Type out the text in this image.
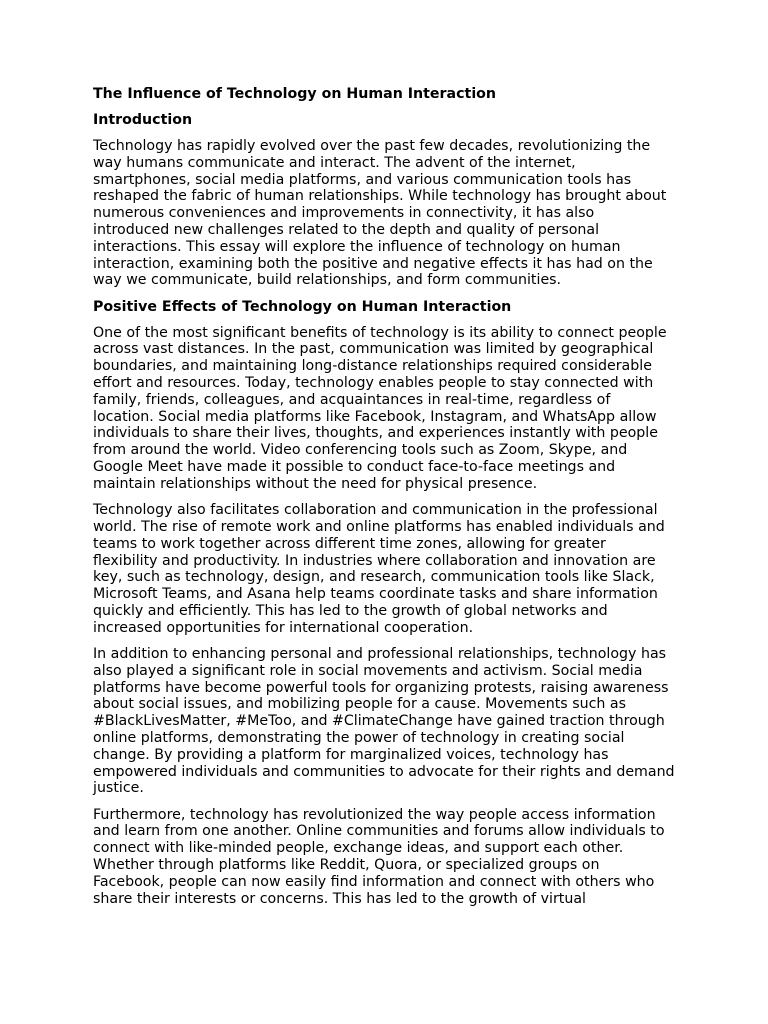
The Influence of Technology on Human Interaction
Introduction
Technology has rapidly evolved over the past few decades, revolutionizing the
way humans communicate and interact. The advent of the internet,
smartphones, social media platforms, and various communication tools has
reshaped the fabric of human relationships. While technology has brought about
numerous conveniences and improvements in connectivity, it has also
introduced new challenges related to the depth and quality of personal
interactions. This essay will explore the influence of technology on human
interaction, examining both the positive and negative effects it has had on the
way we communicate, build relationships, and form communities.
Positive Effects of Technology on Human Interaction
One of the most significant benefits of technology is its ability to connect people
across vast distances. In the past, communication was limited by geographical
boundaries, and maintaining long-distance relationships required considerable
effort and resources. Today, technology enables people to stay connected with
family, friends, colleagues, and acquaintances in real-time, regardless of
location. Social media platforms like Facebook, Instagram, and WhatsApp allow
individuals to share their lives, thoughts, and experiences instantly with people
from around the world. Video conferencing tools such as Zoom, Skype, and
Google Meet have made it possible to conduct face-to-face meetings and
maintain relationships without the need for physical presence.
Technology also facilitates collaboration and communication in the professional
world. The rise of remote work and online platforms has enabled individuals and
teams to work together across different time zones, allowing for greater
flexibility and productivity. In industries where collaboration and innovation are
key, such as technology, design, and research, communication tools like Slack,
Microsoft Teams, and Asana help teams coordinate tasks and share information
quickly and efficiently. This has led to the growth of global networks and
increased opportunities for international cooperation.
In addition to enhancing personal and professional relationships, technology has
also played a significant role in social movements and activism. Social media
platforms have become powerful tools for organizing protests, raising awareness
about social issues, and mobilizing people for a cause. Movements such as
#BlackLivesMatter, #MeToo, and #ClimateChange have gained traction through
online platforms, demonstrating the power of technology in creating social
change. By providing a platform for marginalized voices, technology has
empowered individuals and communities to advocate for their rights and demand
justice.
Furthermore, technology has revolutionized the way people access information
and learn from one another. Online communities and forums allow individuals to
connect with like-minded people, exchange ideas, and support each other.
Whether through platforms like Reddit, Quora, or specialized groups on
Facebook, people can now easily find information and connect with others who
share their interests or concerns. This has led to the growth of virtual
